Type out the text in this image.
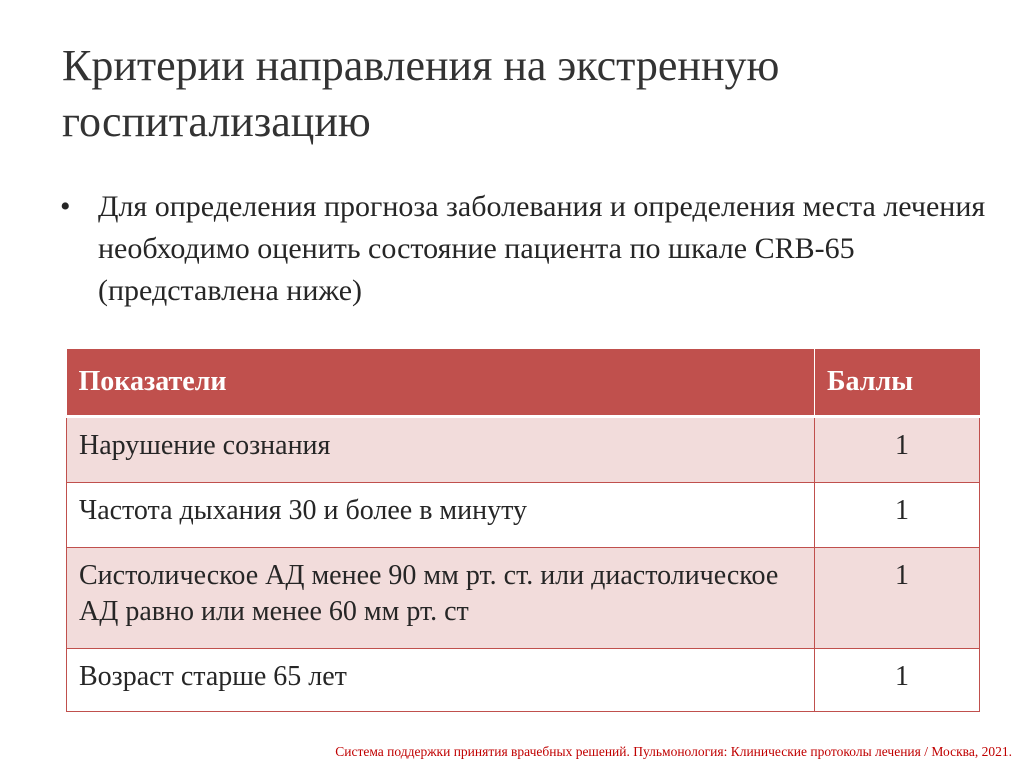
Критерии направления на экстренную госпитализацию
• Для определения прогноза заболевания и определения места лечения необходимо оценить состояние пациента по шкале CRB-65 (представлена ниже)

Показатели	Баллы
Нарушение сознания	1
Частота дыхания 30 и более в минуту	1
Систолическое АД менее 90 мм рт. ст. или диастолическое АД равно или менее 60 мм рт. ст	1
Возраст старше 65 лет	1
Система поддержки принятия врачебных решений. Пульмонология: Клинические протоколы лечения / Москва, 2021.
